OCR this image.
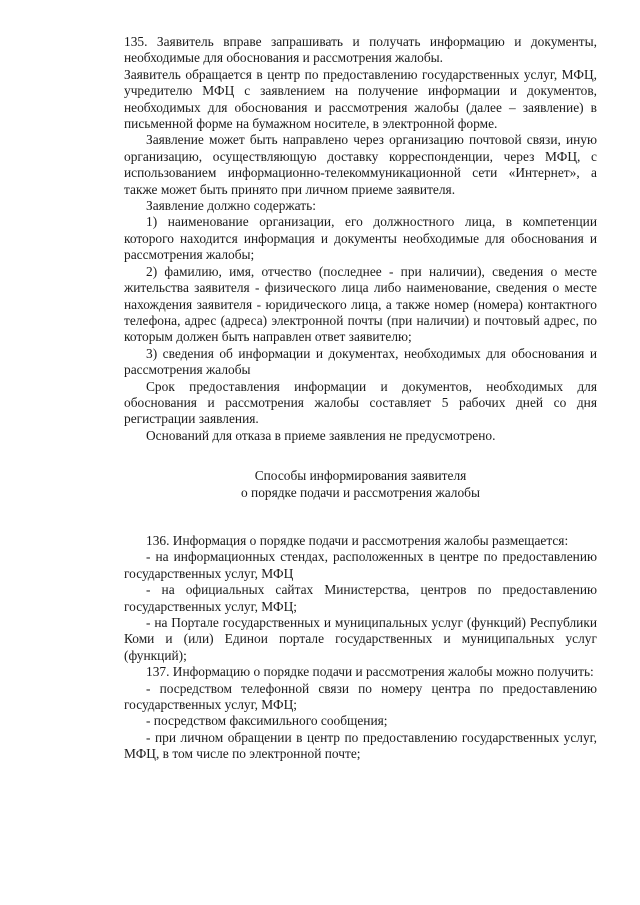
135. Заявитель вправе запрашивать и получать информацию и документы, необходимые для обоснования и рассмотрения жалобы.

Заявитель обращается в центр по предоставлению государственных услуг, МФЦ, учредителю МФЦ с заявлением на получение информации и документов, необходимых для обоснования и рассмотрения жалобы (далее – заявление) в письменной форме на бумажном носителе, в электронной форме.

Заявление может быть направлено через организацию почтовой связи, иную организацию, осуществляющую доставку корреспонденции, через МФЦ, с использованием информационно-телекоммуникационной сети «Интернет», а также может быть принято при личном приеме заявителя.

Заявление должно содержать:

1) наименование организации, его должностного лица, в компетенции которого находится информация и документы необходимые для обоснования и рассмотрения жалобы;

2) фамилию, имя, отчество (последнее - при наличии), сведения о месте жительства заявителя - физического лица либо наименование, сведения о месте нахождения заявителя - юридического лица, а также номер (номера) контактного телефона, адрес (адреса) электронной почты (при наличии) и почтовый адрес, по которым должен быть направлен ответ заявителю;

3) сведения об информации и документах, необходимых для обоснования и рассмотрения жалобы

Срок предоставления информации и документов, необходимых для обоснования и рассмотрения жалобы составляет 5 рабочих дней со дня регистрации заявления.

Оснований для отказа в приеме заявления не предусмотрено.

Способы информирования заявителя
о порядке подачи и рассмотрения жалобы

136. Информация о порядке подачи и рассмотрения жалобы размещается:

- на информационных стендах, расположенных в центре по предоставлению государственных услуг, МФЦ

- на официальных сайтах Министерства, центров по предоставлению государственных услуг, МФЦ;

- на Портале государственных и муниципальных услуг (функций) Республики Коми и (или) Единои портале государственных и муниципальных услуг (функций);

137. Информацию о порядке подачи и рассмотрения жалобы можно получить:

- посредством телефонной связи по номеру центра по предоставлению государственных услуг, МФЦ;

- посредством факсимильного сообщения;

- при личном обращении в центр по предоставлению государственных услуг, МФЦ, в том числе по электронной почте;
